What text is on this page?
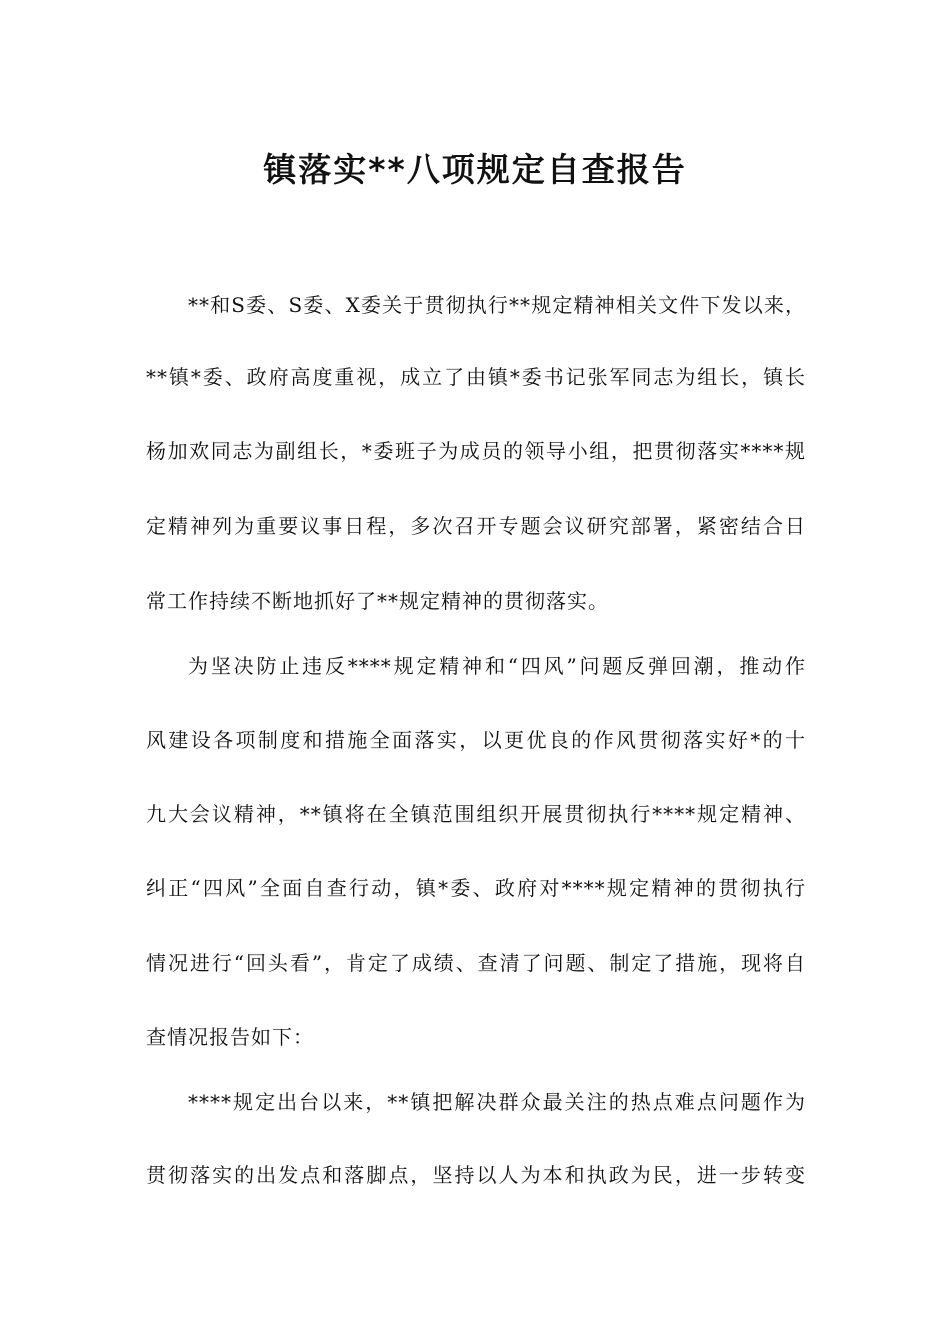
镇落实**八项规定自查报告
**和S委、S委、X委关于贯彻执行**规定精神相关文件下发以来，
**镇*委、政府高度重视，成立了由镇*委书记张军同志为组长，镇长
杨加欢同志为副组长，*委班子为成员的领导小组，把贯彻落实****规
定精神列为重要议事日程，多次召开专题会议研究部署，紧密结合日
常工作持续不断地抓好了**规定精神的贯彻落实。
为坚决防止违反****规定精神和“四风”问题反弹回潮，推动作
风建设各项制度和措施全面落实，以更优良的作风贯彻落实好*的十
九大会议精神，**镇将在全镇范围组织开展贯彻执行****规定精神、
纠正“四风”全面自查行动，镇*委、政府对****规定精神的贯彻执行
情况进行“回头看”，肯定了成绩、查清了问题、制定了措施，现将自
查情况报告如下：
****规定出台以来，**镇把解决群众最关注的热点难点问题作为
贯彻落实的出发点和落脚点，坚持以人为本和执政为民，进一步转变
